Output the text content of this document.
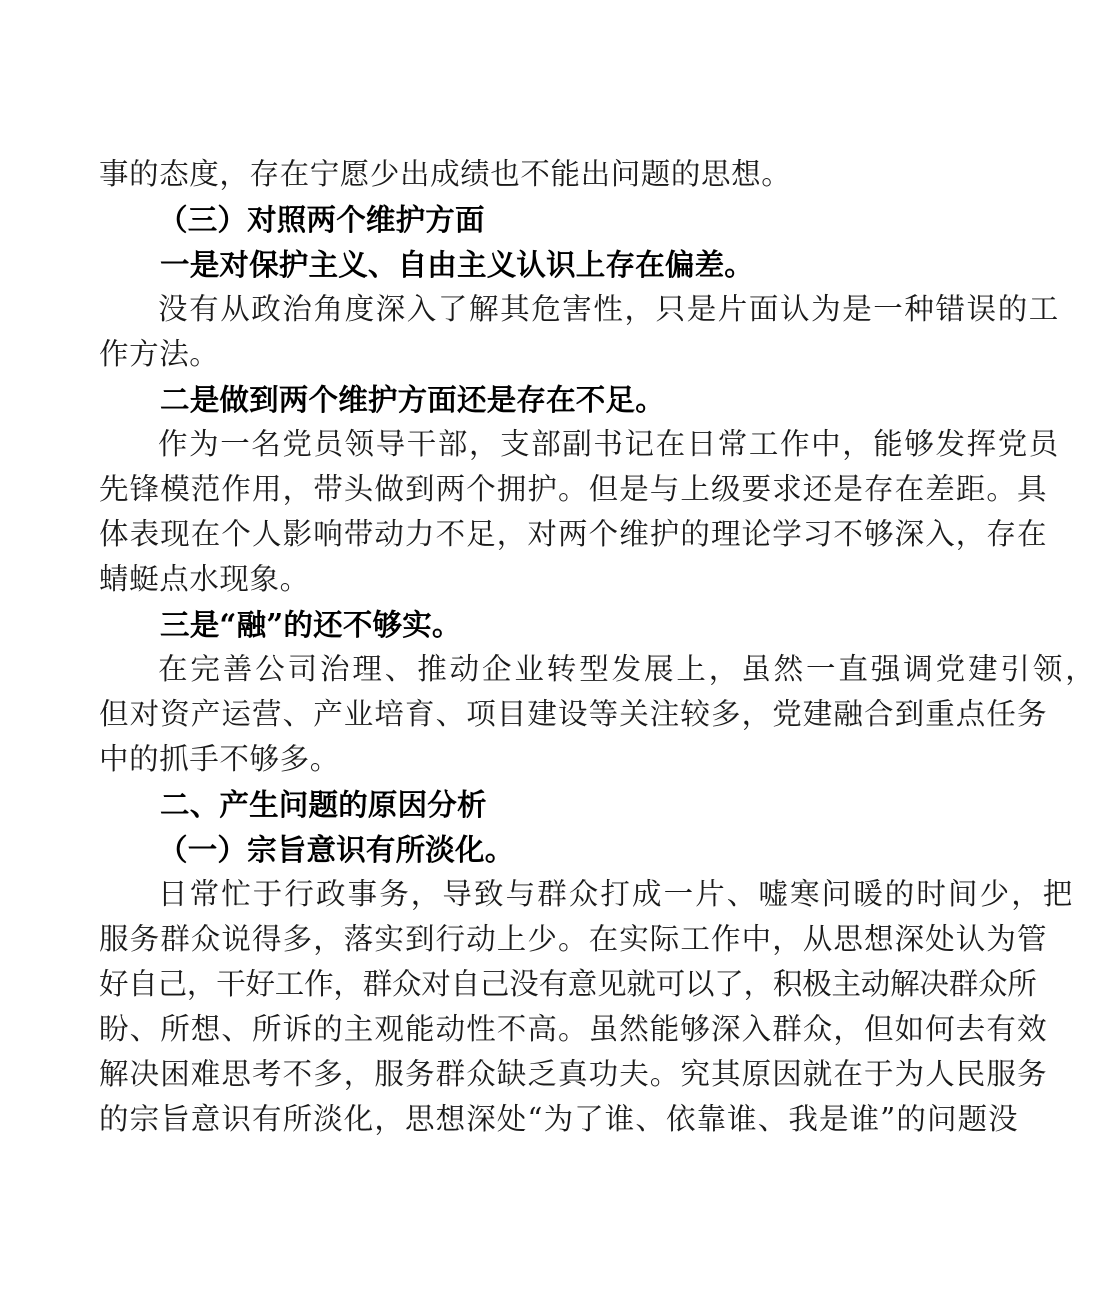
事的态度，存在宁愿少出成绩也不能出问题的思想。
（三）对照两个维护方面
一是对保护主义、自由主义认识上存在偏差。
没有从政治角度深入了解其危害性，只是片面认为是一种错误的工
作方法。
二是做到两个维护方面还是存在不足。
作为一名党员领导干部，支部副书记在日常工作中，能够发挥党员
先锋模范作用，带头做到两个拥护。但是与上级要求还是存在差距。具
体表现在个人影响带动力不足，对两个维护的理论学习不够深入，存在
蜻蜓点水现象。
三是“融”的还不够实。
在完善公司治理、推动企业转型发展上，虽然一直强调党建引领，
但对资产运营、产业培育、项目建设等关注较多，党建融合到重点任务
中的抓手不够多。
二、产生问题的原因分析
（一）宗旨意识有所淡化。
日常忙于行政事务，导致与群众打成一片、嘘寒问暖的时间少，把
服务群众说得多，落实到行动上少。在实际工作中，从思想深处认为管
好自己，干好工作，群众对自己没有意见就可以了，积极主动解决群众所
盼、所想、所诉的主观能动性不高。虽然能够深入群众，但如何去有效
解决困难思考不多，服务群众缺乏真功夫。究其原因就在于为人民服务
的宗旨意识有所淡化，思想深处“为了谁、依靠谁、我是谁”的问题没
